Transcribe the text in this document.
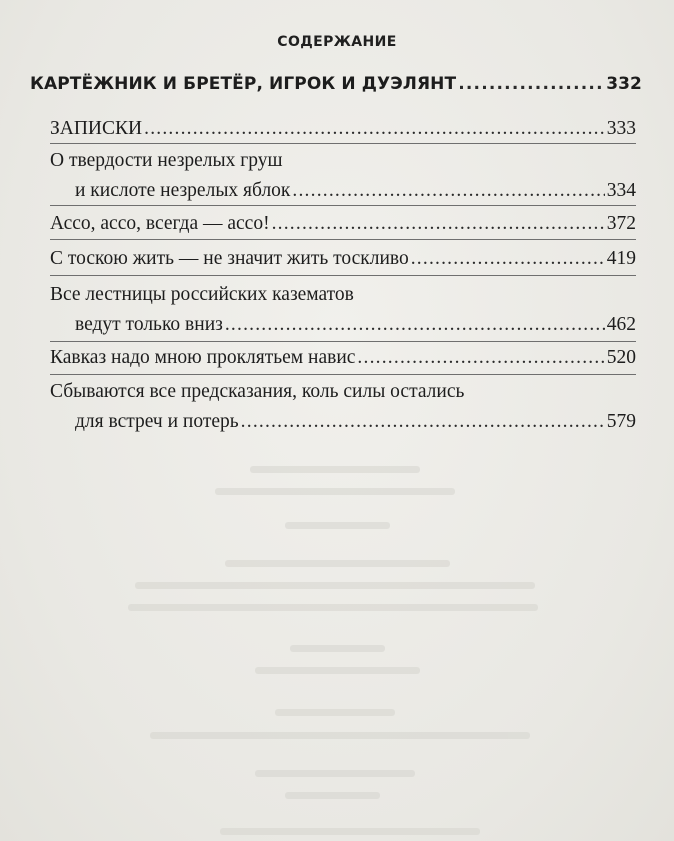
СОДЕРЖАНИЕ
КАРТЁЖНИК И БРЕТЁР, ИГРОК И ДУЭЛЯНТ .....	332
ЗАПИСКИ .....	333
О твердости незрелых груш
и кислоте незрелых яблок .....	334
Ассо, ассо, всегда — ассо! .....	372
С тоскою жить — не значит жить тоскливо .....	419
Все лестницы российских казематов
ведут только вниз .....	462
Кавказ надо мною проклятьем навис .....	520
Сбываются все предсказания, коль силы остались
для встреч и потерь .....	579
